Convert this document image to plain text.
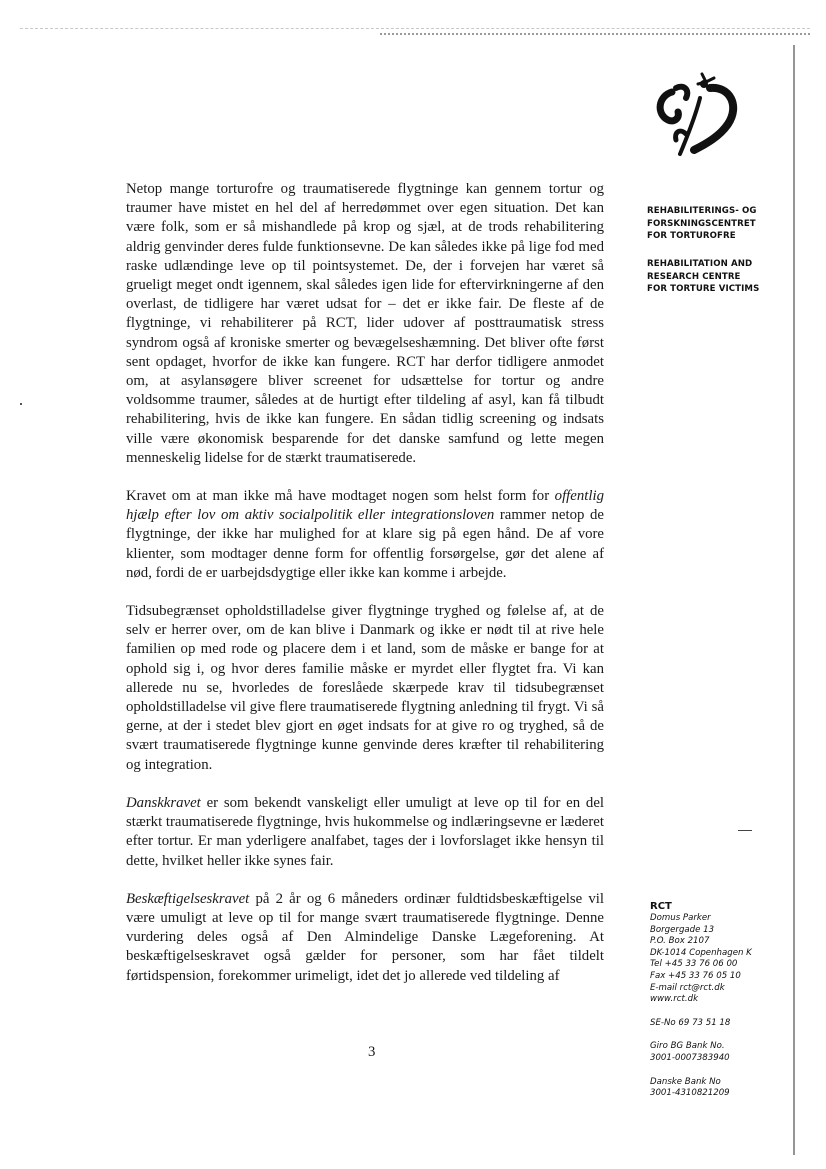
REHABILITERINGS- OG
FORSKNINGSCENTRET
FOR TORTUROFRE
REHABILITATION AND
RESEARCH CENTRE
FOR TORTURE VICTIMS

Netop mange torturofre og traumatiserede flygtninge kan gennem tortur og traumer have mistet en hel del af herredømmet over egen situation. Det kan være folk, som er så mishandlede på krop og sjæl, at de trods rehabilitering aldrig genvinder deres fulde funktionsevne. De kan således ikke på lige fod med raske udlændinge leve op til pointsystemet. De, der i forvejen har været så grueligt meget ondt igennem, skal således igen lide for eftervirkningerne af den overlast, de tidligere har været udsat for – det er ikke fair. De fleste af de flygtninge, vi rehabiliterer på RCT, lider udover af posttraumatisk stress syndrom også af kroniske smerter og bevægelseshæmning. Det bliver ofte først sent opdaget, hvorfor de ikke kan fungere. RCT har derfor tidligere anmodet om, at asylansøgere bliver screenet for udsættelse for tortur og andre voldsomme traumer, således at de hurtigt efter tildeling af asyl, kan få tilbudt rehabilitering, hvis de ikke kan fungere. En sådan tidlig screening og indsats ville være økonomisk besparende for det danske samfund og lette megen menneskelig lidelse for de stærkt traumatiserede.

Kravet om at man ikke må have modtaget nogen som helst form for offentlig hjælp efter lov om aktiv socialpolitik eller integrationsloven rammer netop de flygtninge, der ikke har mulighed for at klare sig på egen hånd. De af vore klienter, som modtager denne form for offentlig forsørgelse, gør det alene af nød, fordi de er uarbejdsdygtige eller ikke kan komme i arbejde.

Tidsubegrænset opholdstilladelse giver flygtninge tryghed og følelse af, at de selv er herrer over, om de kan blive i Danmark og ikke er nødt til at rive hele familien op med rode og placere dem i et land, som de måske er bange for at ophold sig i, og hvor deres familie måske er myrdet eller flygtet fra. Vi kan allerede nu se, hvorledes de foreslåede skærpede krav til tidsubegrænset opholdstilladelse vil give flere traumatiserede flygtning anledning til frygt. Vi så gerne, at der i stedet blev gjort en øget indsats for at give ro og tryghed, så de svært traumatiserede flygtninge kunne genvinde deres kræfter til rehabilitering og integration.

Danskkravet er som bekendt vanskeligt eller umuligt at leve op til for en del stærkt traumatiserede flygtninge, hvis hukommelse og indlæringsevne er læderet efter tortur. Er man yderligere analfabet, tages der i lovforslaget ikke hensyn til dette, hvilket heller ikke synes fair.

Beskæftigelseskravet på 2 år og 6 måneders ordinær fuldtidsbeskæftigelse vil være umuligt at leve op til for mange svært traumatiserede flygtninge. Denne vurdering deles også af Den Almindelige Danske Lægeforening. At beskæftigelseskravet også gælder for personer, som har fået tildelt førtidspension, forekommer urimeligt, idet det jo allerede ved tildeling af

3
RCT
Domus Parker
Borgergade 13
P.O. Box 2107
DK-1014 Copenhagen K
Tel +45 33 76 06 00
Fax +45 33 76 05 10
E-mail rct@rct.dk
www.rct.dk
SE-No 69 73 51 18
Giro BG Bank No.
3001-0007383940
Danske Bank No
3001-4310821209
